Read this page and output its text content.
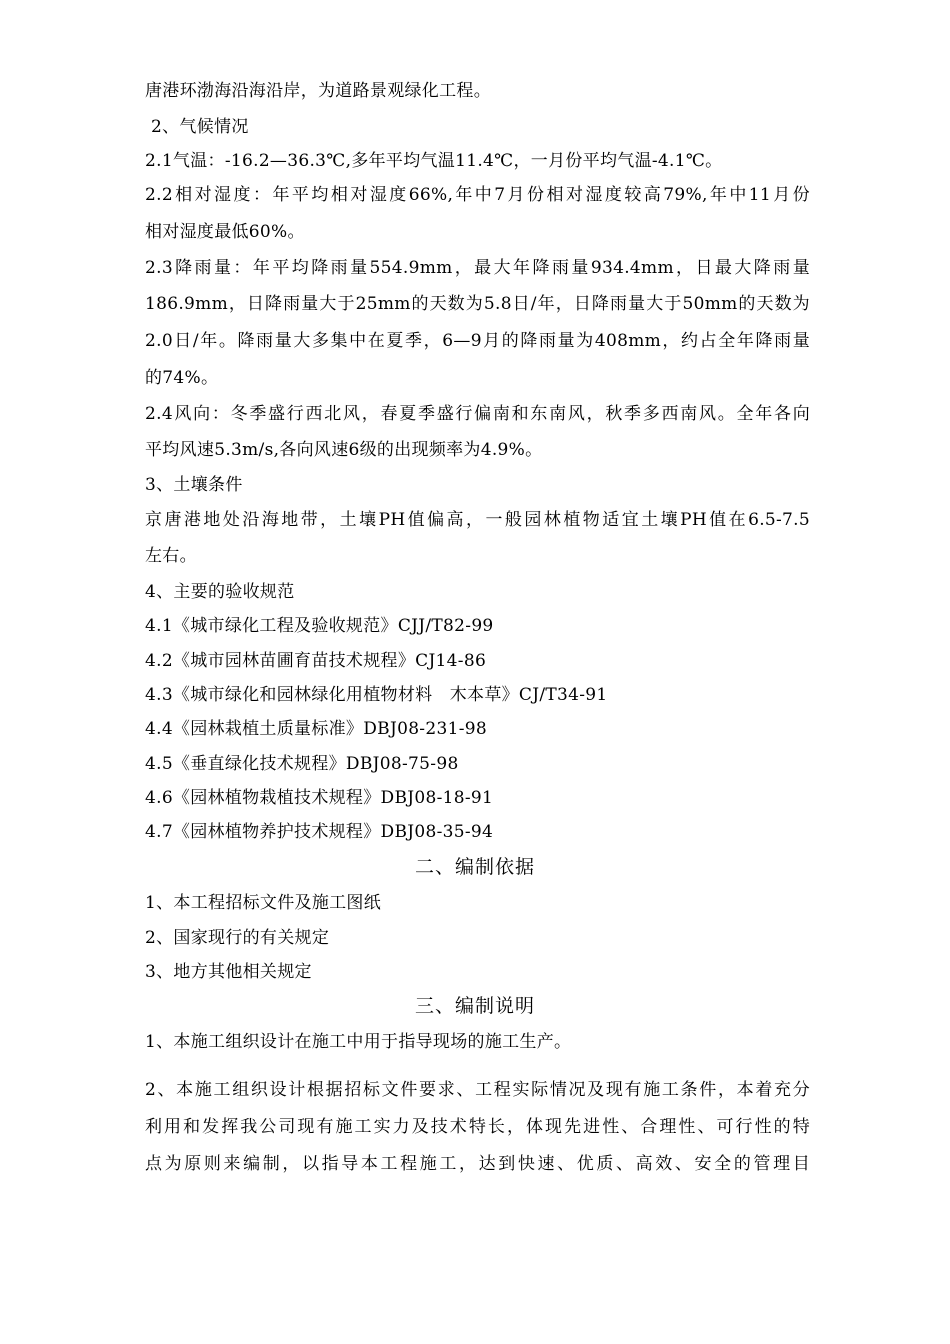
唐港环渤海沿海沿岸，为道路景观绿化工程。
2、气候情况
2.1气温：-16.2—36.3℃,多年平均气温11.4℃，一月份平均气温-4.1℃。
2.2相对湿度：年平均相对湿度66%,年中7月份相对湿度较高79%,年中11月份
相对湿度最低60%。
2.3降雨量：年平均降雨量554.9mm，最大年降雨量934.4mm，日最大降雨量
186.9mm，日降雨量大于25mm的天数为5.8日/年，日降雨量大于50mm的天数为
2.0日/年。降雨量大多集中在夏季，6—9月的降雨量为408mm，约占全年降雨量
的74%。
2.4风向：冬季盛行西北风，春夏季盛行偏南和东南风，秋季多西南风。全年各向
平均风速5.3m/s,各向风速6级的出现频率为4.9%。
3、土壤条件
京唐港地处沿海地带，土壤PH值偏高，一般园林植物适宜土壤PH值在6.5-7.5
左右。
4、主要的验收规范
4.1《城市绿化工程及验收规范》CJJ/T82-99
4.2《城市园林苗圃育苗技术规程》CJ14-86
4.3《城市绿化和园林绿化用植物材料　木本草》CJ/T34-91
4.4《园林栽植土质量标准》DBJ08-231-98
4.5《垂直绿化技术规程》DBJ08-75-98
4.6《园林植物栽植技术规程》DBJ08-18-91
4.7《园林植物养护技术规程》DBJ08-35-94
二、编制依据
1、本工程招标文件及施工图纸
2、国家现行的有关规定
3、地方其他相关规定
三、编制说明
1、本施工组织设计在施工中用于指导现场的施工生产。
2、本施工组织设计根据招标文件要求、工程实际情况及现有施工条件，本着充分
利用和发挥我公司现有施工实力及技术特长，体现先进性、合理性、可行性的特
点为原则来编制，以指导本工程施工，达到快速、优质、高效、安全的管理目
